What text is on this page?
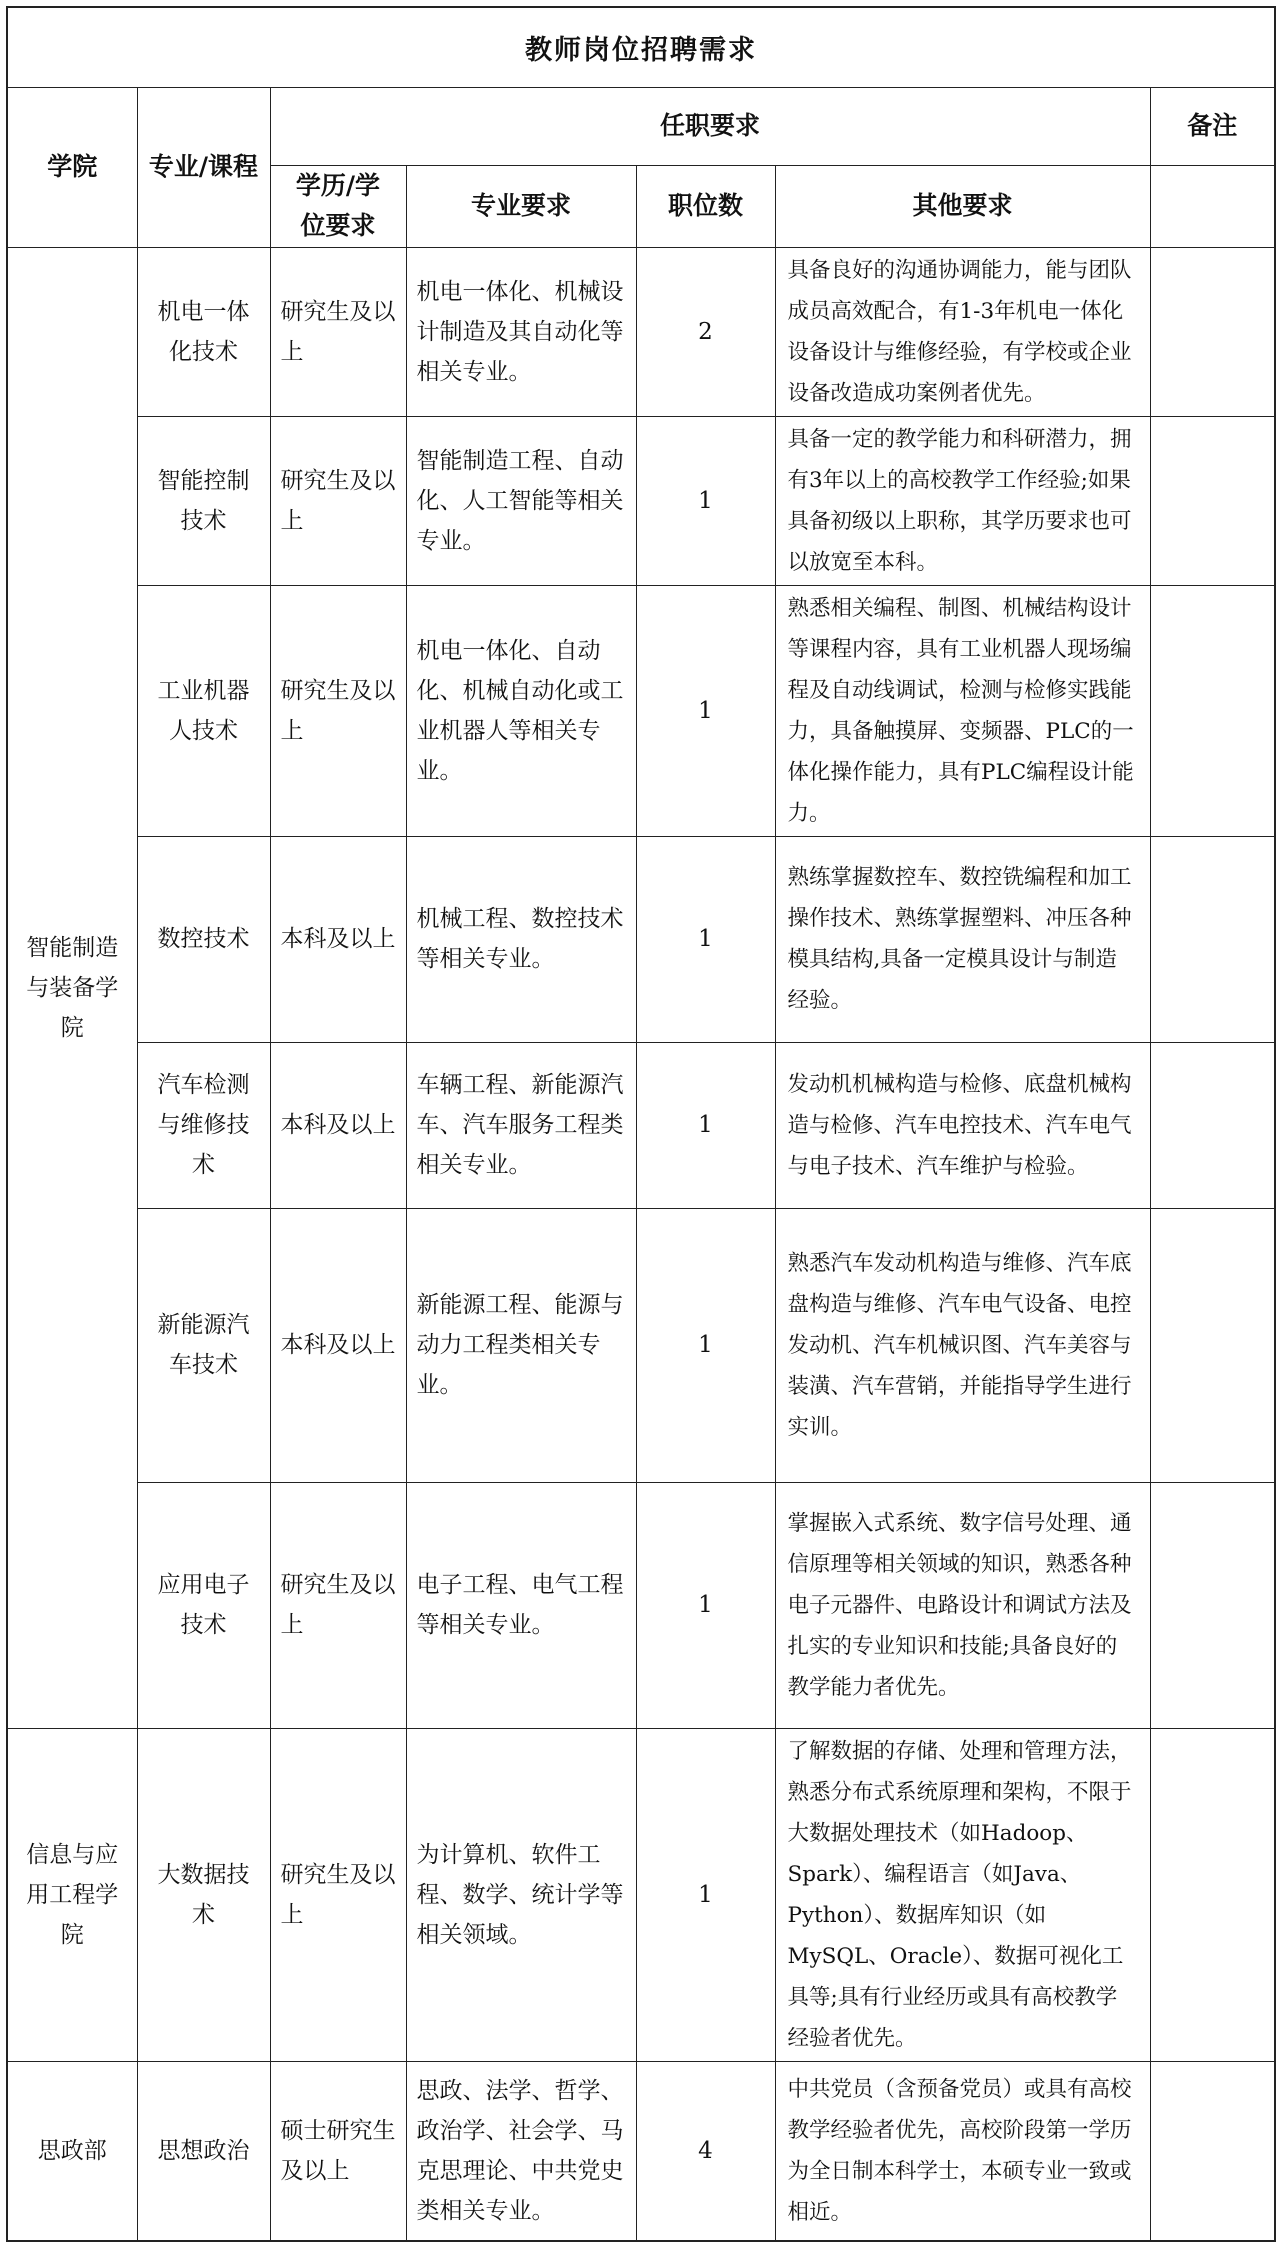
教师岗位招聘需求						
学院	专业/课程	任职要求				备注
		学历/学位要求	专业要求	职位数	其他要求	
智能制造与装备学院	机电一体化技术	研究生及以上	机电一体化、机械设计制造及其自动化等相关专业。	2	具备良好的沟通协调能力，能与团队成员高效配合，有1-3年机电一体化设备设计与维修经验，有学校或企业设备改造成功案例者优先。	
	智能控制技术	研究生及以上	智能制造工程、自动化、人工智能等相关专业。	1	具备一定的教学能力和科研潜力，拥有3年以上的高校教学工作经验;如果具备初级以上职称，其学历要求也可以放宽至本科。	
	工业机器人技术	研究生及以上	机电一体化、自动化、机械自动化或工业机器人等相关专业。	1	熟悉相关编程、制图、机械结构设计等课程内容，具有工业机器人现场编程及自动线调试，检测与检修实践能力，具备触摸屏、变频器、PLC的一体化操作能力，具有PLC编程设计能力。	
	数控技术	本科及以上	机械工程、数控技术等相关专业。	1	熟练掌握数控车、数控铣编程和加工操作技术、熟练掌握塑料、冲压各种模具结构,具备一定模具设计与制造经验。	
	汽车检测与维修技术	本科及以上	车辆工程、新能源汽车、汽车服务工程类相关专业。	1	发动机机械构造与检修、底盘机械构造与检修、汽车电控技术、汽车电气与电子技术、汽车维护与检验。	
	新能源汽车技术	本科及以上	新能源工程、能源与动力工程类相关专业。	1	熟悉汽车发动机构造与维修、汽车底盘构造与维修、汽车电气设备、电控发动机、汽车机械识图、汽车美容与装潢、汽车营销，并能指导学生进行实训。	
	应用电子技术	研究生及以上	电子工程、电气工程等相关专业。	1	掌握嵌入式系统、数字信号处理、通信原理等相关领域的知识，熟悉各种电子元器件、电路设计和调试方法及扎实的专业知识和技能;具备良好的教学能力者优先。	
信息与应用工程学院	大数据技术	研究生及以上	为计算机、软件工程、数学、统计学等相关领域。	1	了解数据的存储、处理和管理方法，熟悉分布式系统原理和架构，不限于大数据处理技术（如Hadoop、Spark）、编程语言（如Java、Python）、数据库知识（如MySQL、Oracle）、数据可视化工具等;具有行业经历或具有高校教学经验者优先。	
思政部	思想政治	硕士研究生及以上	思政、法学、哲学、政治学、社会学、马克思理论、中共党史类相关专业。	4	中共党员（含预备党员）或具有高校教学经验者优先，高校阶段第一学历为全日制本科学士，本硕专业一致或相近。	
